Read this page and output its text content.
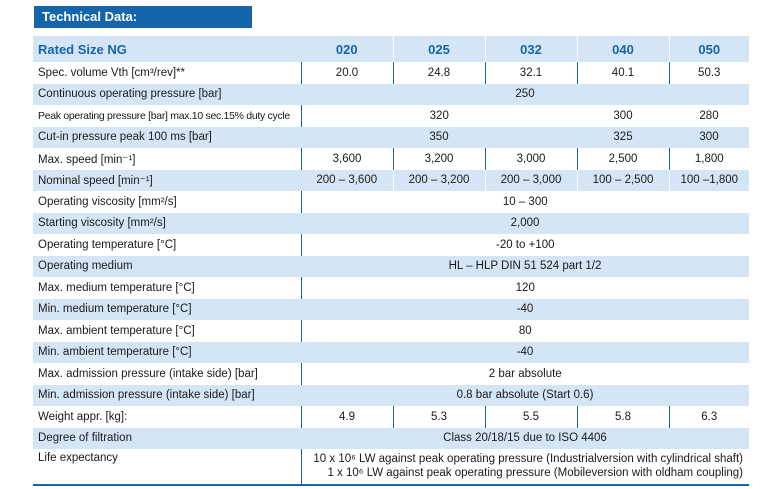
Technical Data:
Rated Size NG	020	025	032	040	050
Spec. volume Vth [cm³/rev]**	20.0	24.8	32.1	40.1	50.3
Continuous operating pressure [bar]	250				
Peak operating pressure [bar] max.10 sec.15% duty cycle	320			300	280
Cut-in pressure peak 100 ms [bar]	350			325	300
Max. speed [min⁻¹]	3,600	3,200	3,000	2,500	1,800
Nominal speed [min⁻¹]	200 – 3,600	200 – 3,200	200 – 3,000	100 – 2,500	100 –1,800
Operating viscosity [mm²/s]	10 – 300				
Starting viscosity [mm²/s]	2,000				
Operating temperature [°C]	-20 to +100				
Operating medium	HL – HLP DIN 51 524 part 1/2				
Max. medium temperature [°C]	120				
Min. medium temperature [°C]	-40				
Max. ambient temperature [°C]	80				
Min. ambient temperature [°C]	-40				
Max. admission pressure (intake side) [bar]	2 bar absolute				
Min. admission pressure (intake side) [bar]	0.8 bar absolute (Start 0.6)				
Weight appr. [kg]:	4.9	5.3	5.5	5.8	6.3
Degree of filtration	Class 20/18/15 due to ISO 4406				
Life expectancy	10 x 10⁶ LW against peak operating pressure (Industrialversion with cylindrical shaft)
1 x 10⁶ LW against peak operating pressure (Mobileversion with oldham coupling)				
